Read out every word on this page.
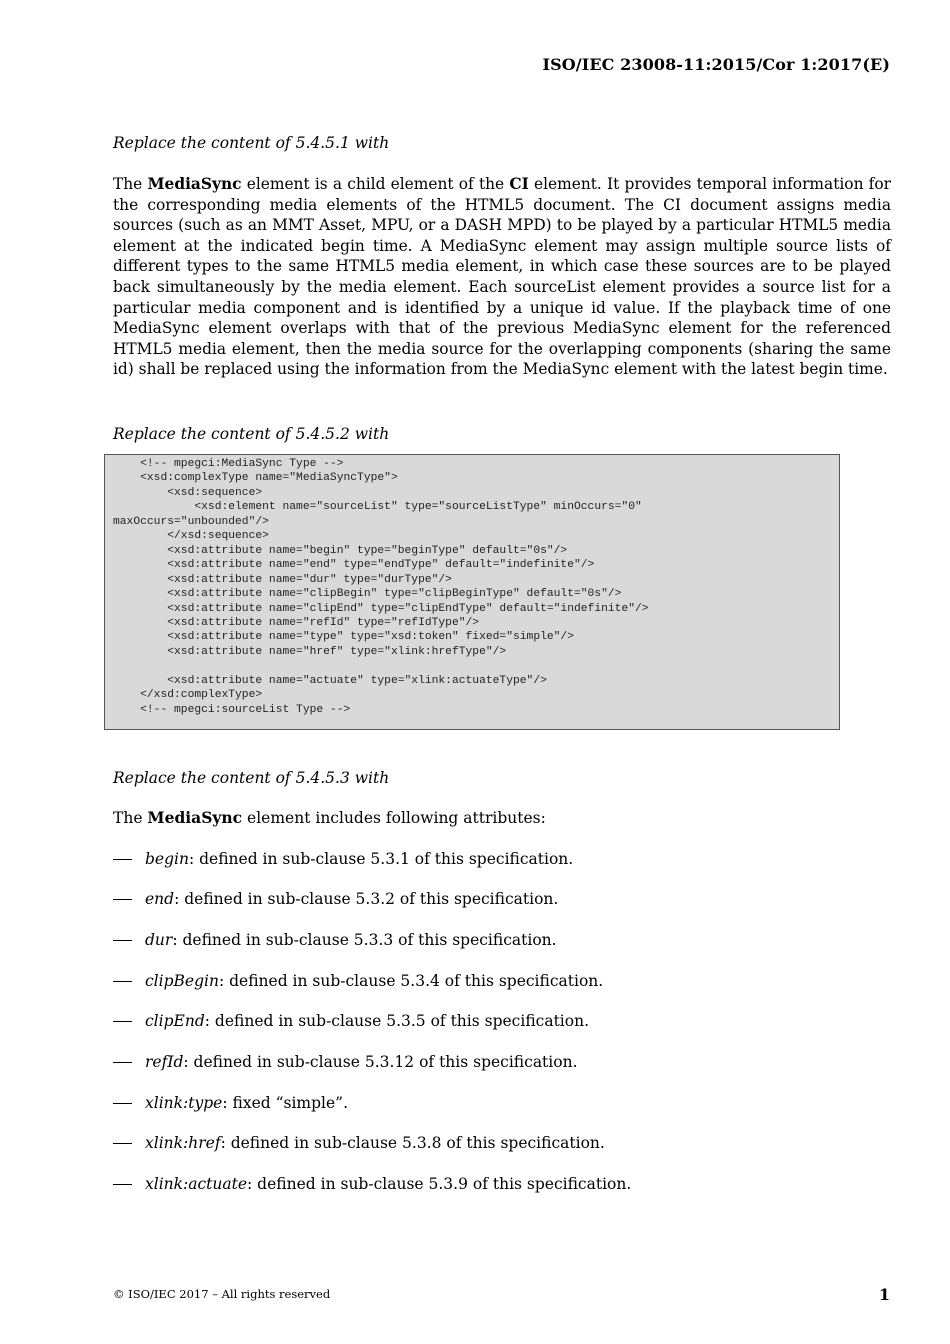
ISO/IEC 23008-11:2015/Cor 1:2017(E)
Replace the content of 5.4.5.1 with
The MediaSync element is a child element of the CI element. It provides temporal information for the corresponding media elements of the HTML5 document. The CI document assigns media sources (such as an MMT Asset, MPU, or a DASH MPD) to be played by a particular HTML5 media element at the indicated begin time. A MediaSync element may assign multiple source lists of different types to the same HTML5 media element, in which case these sources are to be played back simultaneously by the media element. Each sourceList element provides a source list for a particular media component and is identified by a unique id value. If the playback time of one MediaSync element overlaps with that of the previous MediaSync element for the referenced HTML5 media element, then the media source for the overlapping components (sharing the same id) shall be replaced using the information from the MediaSync element with the latest begin time.
Replace the content of 5.4.5.2 with
<!-- mpegci:MediaSync Type -->
<xsd:complexType name="MediaSyncType">
<xsd:sequence>
<xsd:element name="sourceList" type="sourceListType" minOccurs="0"
maxOccurs="unbounded"/>
</xsd:sequence>
<xsd:attribute name="begin" type="beginType" default="0s"/>
<xsd:attribute name="end" type="endType" default="indefinite"/>
<xsd:attribute name="dur" type="durType"/>
<xsd:attribute name="clipBegin" type="clipBeginType" default="0s"/>
<xsd:attribute name="clipEnd" type="clipEndType" default="indefinite"/>
<xsd:attribute name="refId" type="refIdType"/>
<xsd:attribute name="type" type="xsd:token" fixed="simple"/>
<xsd:attribute name="href" type="xlink:hrefType"/>

<xsd:attribute name="actuate" type="xlink:actuateType"/>
</xsd:complexType>
<!-- mpegci:sourceList Type -->
Replace the content of 5.4.5.3 with
The MediaSync element includes following attributes:
begin: defined in sub-clause 5.3.1 of this specification.
end: defined in sub-clause 5.3.2 of this specification.
dur: defined in sub-clause 5.3.3 of this specification.
clipBegin: defined in sub-clause 5.3.4 of this specification.
clipEnd: defined in sub-clause 5.3.5 of this specification.
refId: defined in sub-clause 5.3.12 of this specification.
xlink:type: fixed “simple”.
xlink:href: defined in sub-clause 5.3.8 of this specification.
xlink:actuate: defined in sub-clause 5.3.9 of this specification.
© ISO/IEC 2017 – All rights reserved	1
